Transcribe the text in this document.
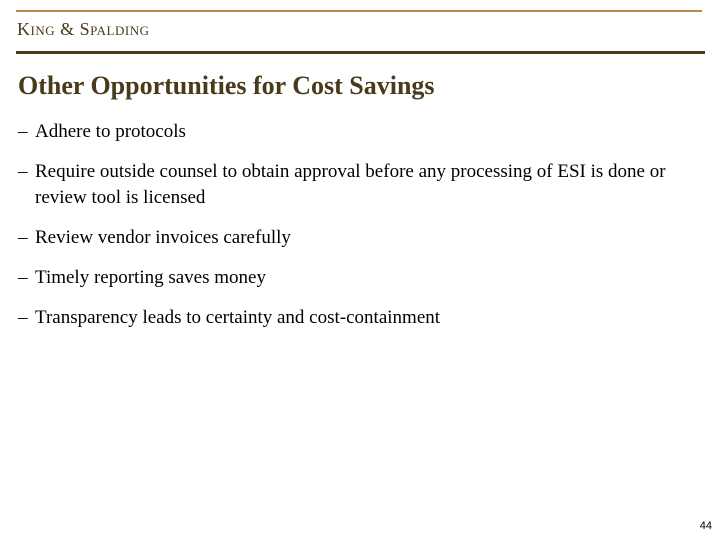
King & Spalding
Other Opportunities for Cost Savings
– Adhere to protocols
– Require outside counsel to obtain approval before any processing of ESI is done or review tool is licensed
– Review vendor invoices carefully
– Timely reporting saves money
– Transparency leads to certainty and cost-containment
44
